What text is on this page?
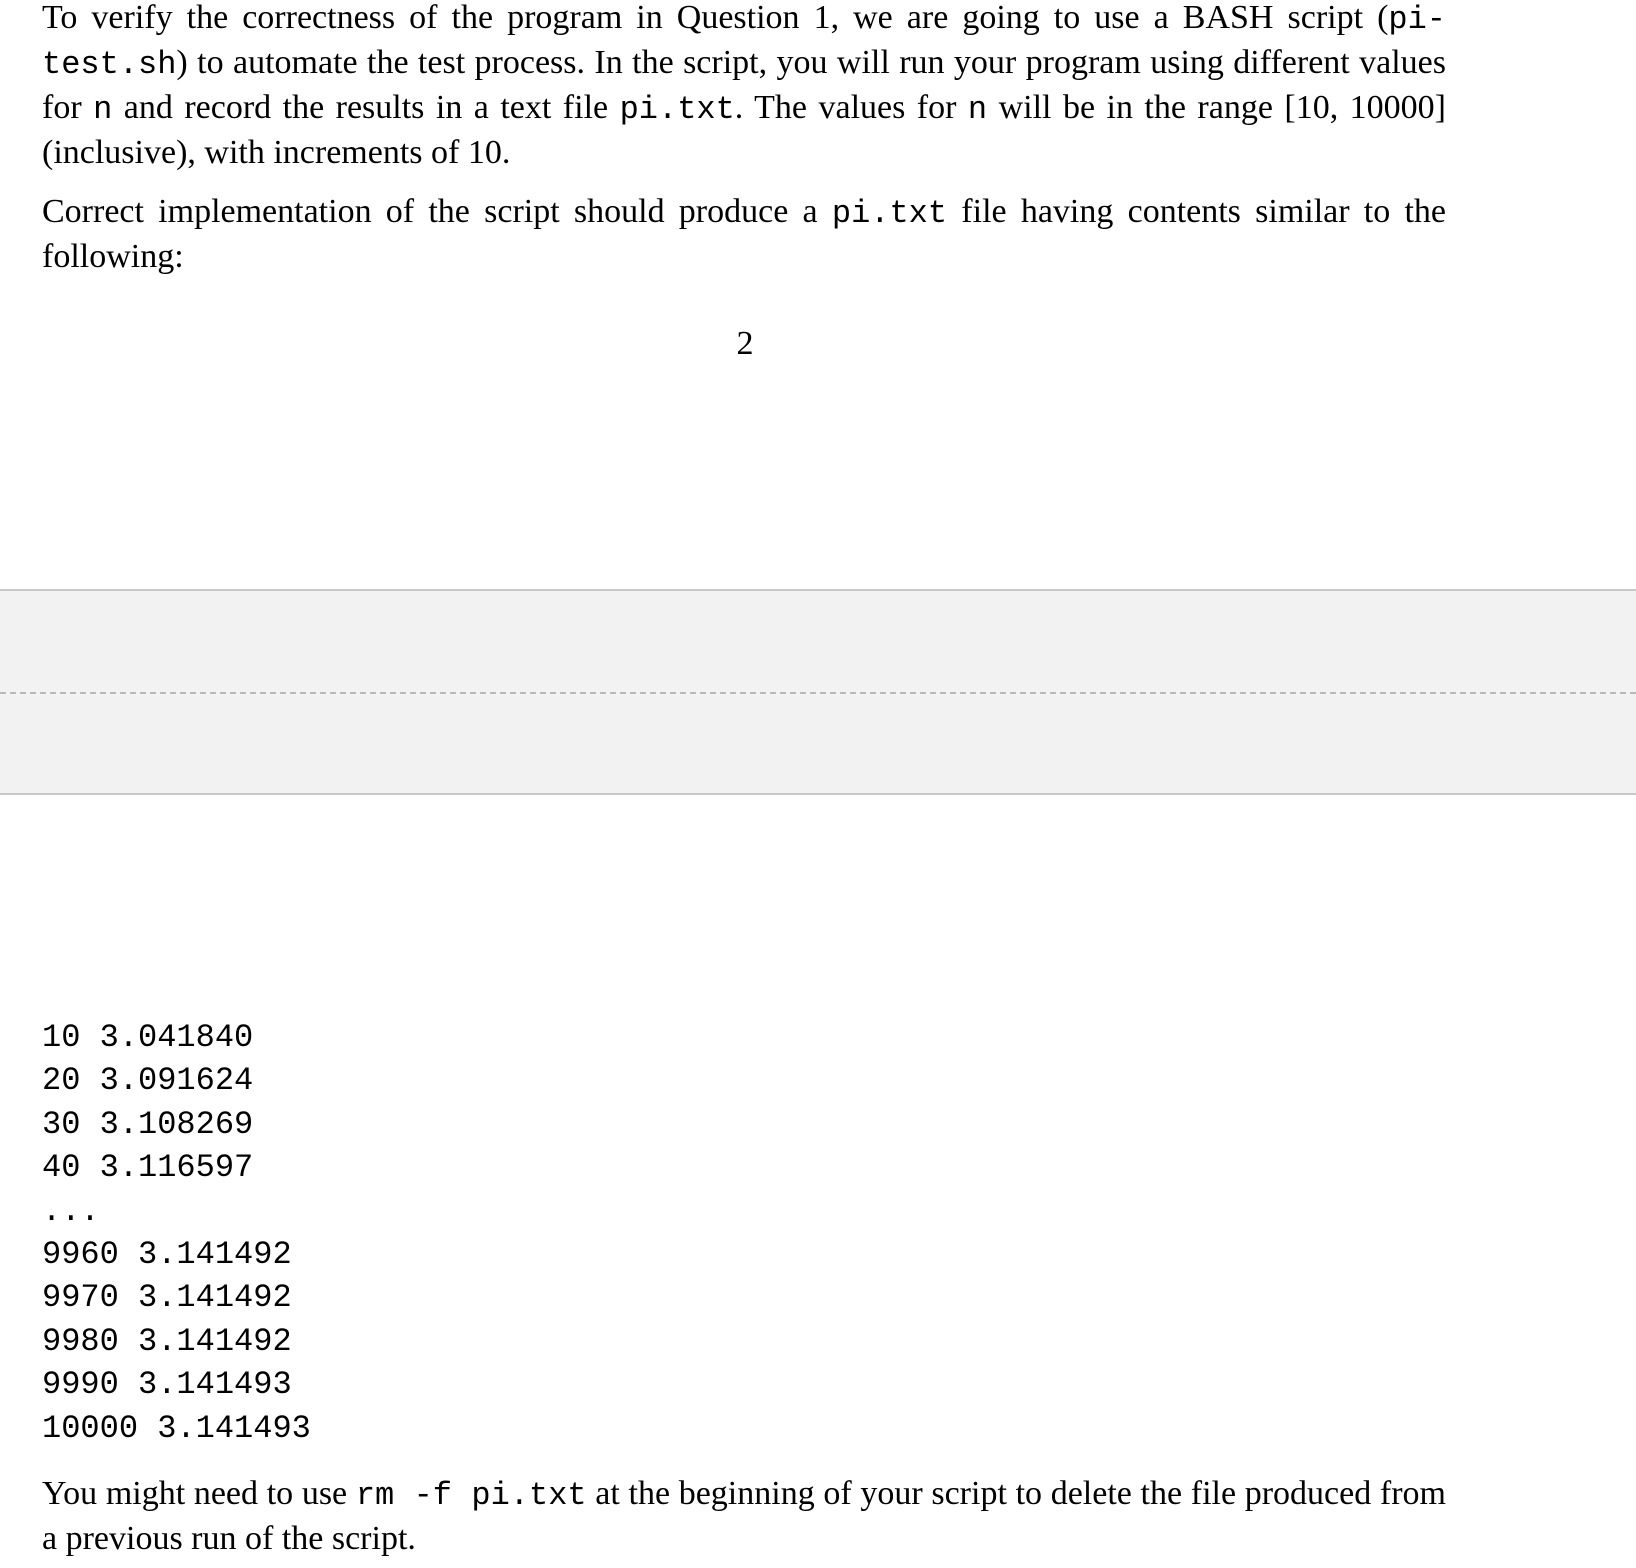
To verify the correctness of the program in Question 1, we are going to use a BASH script (pi-test.sh) to automate the test process. In the script, you will run your program using different values for n and record the results in a text file pi.txt. The values for n will be in the range [10, 10000] (inclusive), with increments of 10.

Correct implementation of the script should produce a pi.txt file having contents similar to the following:

2
10 3.041840
20 3.091624
30 3.108269
40 3.116597
...
9960 3.141492
9970 3.141492
9980 3.141492
9990 3.141493
10000 3.141493

You might need to use rm -f pi.txt at the beginning of your script to delete the file produced from a previous run of the script.
